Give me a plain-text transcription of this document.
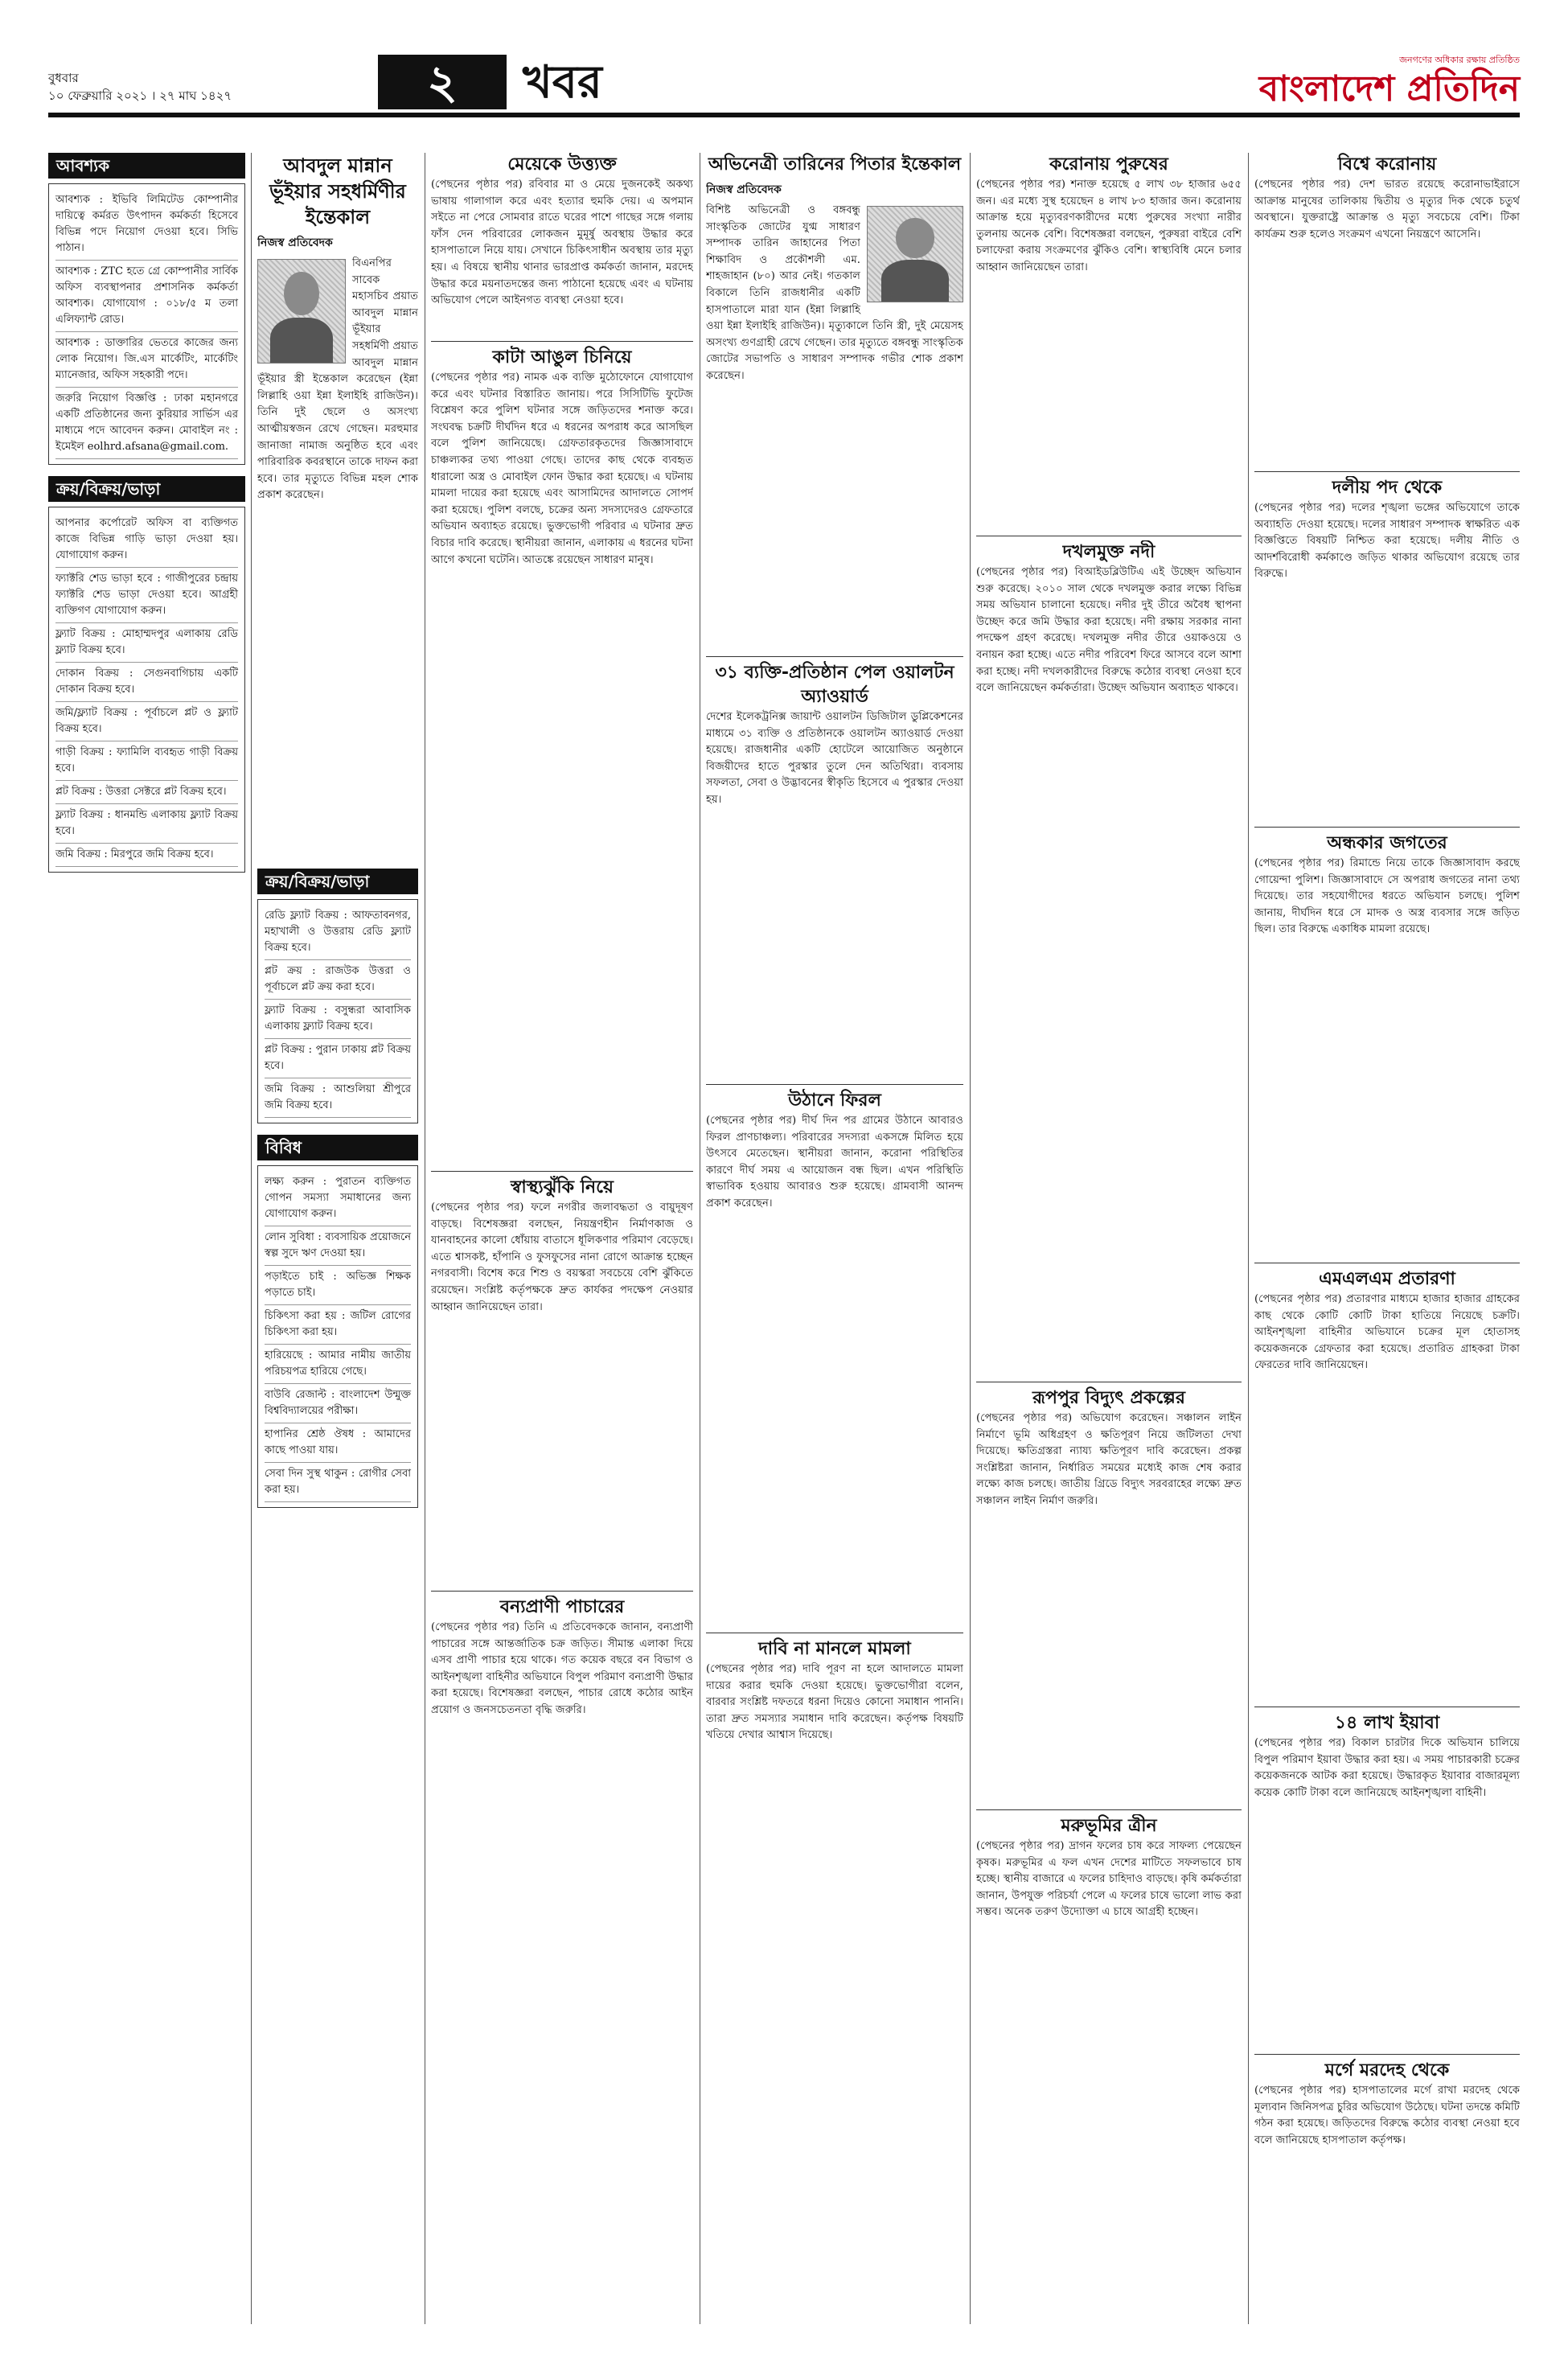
বুধবার
১০ ফেব্রুয়ারি ২০২১ । ২৭ মাঘ ১৪২৭	২	খবর	জনগণের অধিকার রক্ষায় প্রতিষ্ঠিত
বাংলাদেশ প্রতিদিন
আবশ্যক
আবশ্যক : ইভিবি লিমিটেড কোম্পানীর দায়িত্বে কর্মরত উৎপাদন কর্মকর্তা হিসেবে বিভিন্ন পদে নিয়োগ দেওয়া হবে। সিভি পাঠান।
আবশ্যক : ZTC হতে গ্রে কোম্পানীর সার্বিক অফিস ব্যবস্থাপনার প্রশাসনিক কর্মকর্তা আবশ্যক। যোগাযোগ : ০১৮/৫ ম তলা এলিফ্যান্ট রোড।
আবশ্যক : ডাক্তারির ভেতরে কাজের জন্য লোক নিয়োগ। জি.এস মার্কেটিং, মার্কেটিং ম্যানেজার, অফিস সহকারী পদে।
জরুরি নিয়োগ বিজ্ঞপ্তি : ঢাকা মহানগরে একটি প্রতিষ্ঠানের জন্য কুরিয়ার সার্ভিস এর মাধ্যমে পদে আবেদন করুন। মোবাইল নং : ইমেইল eolhrd.afsana@gmail.com.
ক্রয়/বিক্রয়/ভাড়া
আপনার কর্পোরেট অফিস বা ব্যক্তিগত কাজে বিভিন্ন গাড়ি ভাড়া দেওয়া হয়। যোগাযোগ করুন।
ফ্যাক্টরি শেড ভাড়া হবে : গাজীপুরের চন্দ্রায় ফ্যাক্টরি শেড ভাড়া দেওয়া হবে। আগ্রহী ব্যক্তিগণ যোগাযোগ করুন।
ফ্ল্যাট বিক্রয় : মোহাম্মদপুর এলাকায় রেডি ফ্ল্যাট বিক্রয় হবে।
দোকান বিক্রয় : সেগুনবাগিচায় একটি দোকান বিক্রয় হবে।
জমি/ফ্ল্যাট বিক্রয় : পূর্বাচলে প্লট ও ফ্ল্যাট বিক্রয় হবে।
গাড়ী বিক্রয় : ফ্যামিলি ব্যবহৃত গাড়ী বিক্রয় হবে।
প্লট বিক্রয় : উত্তরা সেক্টরে প্লট বিক্রয় হবে।
ফ্ল্যাট বিক্রয় : ধানমন্ডি এলাকায় ফ্ল্যাট বিক্রয় হবে।
জমি বিক্রয় : মিরপুরে জমি বিক্রয় হবে।
আবদুল মান্নান ভূঁইয়ার সহধর্মিণীর ইন্তেকাল
নিজস্ব প্রতিবেদক
বিএনপির সাবেক মহাসচিব প্রয়াত আবদুল মান্নান ভূঁইয়ার সহধর্মিণী প্রয়াত আবদুল মান্নান ভূঁইয়ার স্ত্রী ইন্তেকাল করেছেন (ইন্না লিল্লাহি ওয়া ইন্না ইলাইহি রাজিউন)। তিনি দুই ছেলে ও অসংখ্য আত্মীয়স্বজন রেখে গেছেন। মরহুমার জানাজা নামাজ অনুষ্ঠিত হবে এবং পারিবারিক কবরস্থানে তাকে দাফন করা হবে। তার মৃত্যুতে বিভিন্ন মহল শোক প্রকাশ করেছেন।
ক্রয়/বিক্রয়/ভাড়া
রেডি ফ্ল্যাট বিক্রয় : আফতাবনগর, মহাখালী ও উত্তরায় রেডি ফ্ল্যাট বিক্রয় হবে।
প্লট ক্রয় : রাজউক উত্তরা ও পূর্বাচলে প্লট ক্রয় করা হবে।
ফ্ল্যাট বিক্রয় : বসুন্ধরা আবাসিক এলাকায় ফ্ল্যাট বিক্রয় হবে।
প্লট বিক্রয় : পুরান ঢাকায় প্লট বিক্রয় হবে।
জমি বিক্রয় : আশুলিয়া শ্রীপুরে জমি বিক্রয় হবে।
বিবিধ
লক্ষ্য করুন : পুরাতন ব্যক্তিগত গোপন সমস্যা সমাধানের জন্য যোগাযোগ করুন।
লোন সুবিধা : ব্যবসায়িক প্রয়োজনে স্বল্প সুদে ঋণ দেওয়া হয়।
পড়াইতে চাই : অভিজ্ঞ শিক্ষক পড়াতে চাই।
চিকিৎসা করা হয় : জটিল রোগের চিকিৎসা করা হয়।
হারিয়েছে : আমার নামীয় জাতীয় পরিচয়পত্র হারিয়ে গেছে।
বাউবি রেজাল্ট : বাংলাদেশ উন্মুক্ত বিশ্ববিদ্যালয়ের পরীক্ষা।
হাপানির শ্রেষ্ঠ ঔষধ : আমাদের কাছে পাওয়া যায়।
সেবা দিন সুস্থ থাকুন : রোগীর সেবা করা হয়।
মেয়েকে উত্ত্যক্ত
(পেছনের পৃষ্ঠার পর) রবিবার মা ও মেয়ে দুজনকেই অকথ্য ভাষায় গালাগাল করে এবং হত্যার হুমকি দেয়। এ অপমান সইতে না পেরে সোমবার রাতে ঘরের পাশে গাছের সঙ্গে গলায় ফাঁস দেন পরিবারের লোকজন মুমূর্ষু অবস্থায় উদ্ধার করে হাসপাতালে নিয়ে যায়। সেখানে চিকিৎসাধীন অবস্থায় তার মৃত্যু হয়। এ বিষয়ে স্থানীয় থানার ভারপ্রাপ্ত কর্মকর্তা জানান, মরদেহ উদ্ধার করে ময়নাতদন্তের জন্য পাঠানো হয়েছে এবং এ ঘটনায় অভিযোগ পেলে আইনগত ব্যবস্থা নেওয়া হবে।
কাটা আঙুল চিনিয়ে
(পেছনের পৃষ্ঠার পর) নামক এক ব্যক্তি মুঠোফোনে যোগাযোগ করে এবং ঘটনার বিস্তারিত জানায়। পরে সিসিটিভি ফুটেজ বিশ্লেষণ করে পুলিশ ঘটনার সঙ্গে জড়িতদের শনাক্ত করে। সংঘবদ্ধ চক্রটি দীর্ঘদিন ধরে এ ধরনের অপরাধ করে আসছিল বলে পুলিশ জানিয়েছে। গ্রেফতারকৃতদের জিজ্ঞাসাবাদে চাঞ্চল্যকর তথ্য পাওয়া গেছে। তাদের কাছ থেকে ব্যবহৃত ধারালো অস্ত্র ও মোবাইল ফোন উদ্ধার করা হয়েছে। এ ঘটনায় মামলা দায়ের করা হয়েছে এবং আসামিদের আদালতে সোপর্দ করা হয়েছে। পুলিশ বলছে, চক্রের অন্য সদস্যদেরও গ্রেফতারে অভিযান অব্যাহত রয়েছে। ভুক্তভোগী পরিবার এ ঘটনার দ্রুত বিচার দাবি করেছে। স্থানীয়রা জানান, এলাকায় এ ধরনের ঘটনা আগে কখনো ঘটেনি। আতঙ্কে রয়েছেন সাধারণ মানুষ।
স্বাস্থ্যঝুঁকি নিয়ে
(পেছনের পৃষ্ঠার পর) ফলে নগরীর জলাবদ্ধতা ও বায়ুদূষণ বাড়ছে। বিশেষজ্ঞরা বলছেন, নিয়ন্ত্রণহীন নির্মাণকাজ ও যানবাহনের কালো ধোঁয়ায় বাতাসে ধূলিকণার পরিমাণ বেড়েছে। এতে শ্বাসকষ্ট, হাঁপানি ও ফুসফুসের নানা রোগে আক্রান্ত হচ্ছেন নগরবাসী। বিশেষ করে শিশু ও বয়স্করা সবচেয়ে বেশি ঝুঁকিতে রয়েছেন। সংশ্লিষ্ট কর্তৃপক্ষকে দ্রুত কার্যকর পদক্ষেপ নেওয়ার আহ্বান জানিয়েছেন তারা।
বন্যপ্রাণী পাচারের
(পেছনের পৃষ্ঠার পর) তিনি এ প্রতিবেদককে জানান, বন্যপ্রাণী পাচারের সঙ্গে আন্তর্জাতিক চক্র জড়িত। সীমান্ত এলাকা দিয়ে এসব প্রাণী পাচার হয়ে থাকে। গত কয়েক বছরে বন বিভাগ ও আইনশৃঙ্খলা বাহিনীর অভিযানে বিপুল পরিমাণ বন্যপ্রাণী উদ্ধার করা হয়েছে। বিশেষজ্ঞরা বলছেন, পাচার রোধে কঠোর আইন প্রয়োগ ও জনসচেতনতা বৃদ্ধি জরুরি।
অভিনেত্রী তারিনের পিতার ইন্তেকাল
নিজস্ব প্রতিবেদক
বিশিষ্ট অভিনেত্রী ও বঙ্গবন্ধু সাংস্কৃতিক জোটের যুগ্ম সাধারণ সম্পাদক তারিন জাহানের পিতা শিক্ষাবিদ ও প্রকৌশলী এম. শাহজাহান (৮০) আর নেই। গতকাল বিকালে তিনি রাজধানীর একটি হাসপাতালে মারা যান (ইন্না লিল্লাহি ওয়া ইন্না ইলাইহি রাজিউন)। মৃত্যুকালে তিনি স্ত্রী, দুই মেয়েসহ অসংখ্য গুণগ্রাহী রেখে গেছেন। তার মৃত্যুতে বঙ্গবন্ধু সাংস্কৃতিক জোটের সভাপতি ও সাধারণ সম্পাদক গভীর শোক প্রকাশ করেছেন।
৩১ ব্যক্তি-প্রতিষ্ঠান পেল ওয়ালটন অ্যাওয়ার্ড
দেশের ইলেকট্রনিক্স জায়ান্ট ওয়ালটন ডিজিটাল ডুপ্লিকেশনের মাধ্যমে ৩১ ব্যক্তি ও প্রতিষ্ঠানকে ওয়ালটন অ্যাওয়ার্ড দেওয়া হয়েছে। রাজধানীর একটি হোটেলে আয়োজিত অনুষ্ঠানে বিজয়ীদের হাতে পুরস্কার তুলে দেন অতিথিরা। ব্যবসায় সফলতা, সেবা ও উদ্ভাবনের স্বীকৃতি হিসেবে এ পুরস্কার দেওয়া হয়।
উঠানে ফিরল
(পেছনের পৃষ্ঠার পর) দীর্ঘ দিন পর গ্রামের উঠানে আবারও ফিরল প্রাণচাঞ্চল্য। পরিবারের সদস্যরা একসঙ্গে মিলিত হয়ে উৎসবে মেতেছেন। স্থানীয়রা জানান, করোনা পরিস্থিতির কারণে দীর্ঘ সময় এ আয়োজন বন্ধ ছিল। এখন পরিস্থিতি স্বাভাবিক হওয়ায় আবারও শুরু হয়েছে। গ্রামবাসী আনন্দ প্রকাশ করেছেন।
দাবি না মানলে মামলা
(পেছনের পৃষ্ঠার পর) দাবি পূরণ না হলে আদালতে মামলা দায়ের করার হুমকি দেওয়া হয়েছে। ভুক্তভোগীরা বলেন, বারবার সংশ্লিষ্ট দফতরে ধরনা দিয়েও কোনো সমাধান পাননি। তারা দ্রুত সমস্যার সমাধান দাবি করেছেন। কর্তৃপক্ষ বিষয়টি খতিয়ে দেখার আশ্বাস দিয়েছে।
করোনায় পুরুষের
(পেছনের পৃষ্ঠার পর) শনাক্ত হয়েছে ৫ লাখ ৩৮ হাজার ৬৫৫ জন। এর মধ্যে সুস্থ হয়েছেন ৪ লাখ ৮৩ হাজার জন। করোনায় আক্রান্ত হয়ে মৃত্যুবরণকারীদের মধ্যে পুরুষের সংখ্যা নারীর তুলনায় অনেক বেশি। বিশেষজ্ঞরা বলছেন, পুরুষরা বাইরে বেশি চলাফেরা করায় সংক্রমণের ঝুঁকিও বেশি। স্বাস্থ্যবিধি মেনে চলার আহ্বান জানিয়েছেন তারা।
দখলমুক্ত নদী
(পেছনের পৃষ্ঠার পর) বিআইডব্লিউটিএ এই উচ্ছেদ অভিযান শুরু করেছে। ২০১০ সাল থেকে দখলমুক্ত করার লক্ষ্যে বিভিন্ন সময় অভিযান চালানো হয়েছে। নদীর দুই তীরে অবৈধ স্থাপনা উচ্ছেদ করে জমি উদ্ধার করা হয়েছে। নদী রক্ষায় সরকার নানা পদক্ষেপ গ্রহণ করেছে। দখলমুক্ত নদীর তীরে ওয়াকওয়ে ও বনায়ন করা হচ্ছে। এতে নদীর পরিবেশ ফিরে আসবে বলে আশা করা হচ্ছে। নদী দখলকারীদের বিরুদ্ধে কঠোর ব্যবস্থা নেওয়া হবে বলে জানিয়েছেন কর্মকর্তারা। উচ্ছেদ অভিযান অব্যাহত থাকবে।
রূপপুর বিদ্যুৎ প্রকল্পের
(পেছনের পৃষ্ঠার পর) অভিযোগ করেছেন। সঞ্চালন লাইন নির্মাণে ভূমি অধিগ্রহণ ও ক্ষতিপূরণ নিয়ে জটিলতা দেখা দিয়েছে। ক্ষতিগ্রস্তরা ন্যায্য ক্ষতিপূরণ দাবি করেছেন। প্রকল্প সংশ্লিষ্টরা জানান, নির্ধারিত সময়ের মধ্যেই কাজ শেষ করার লক্ষ্যে কাজ চলছে। জাতীয় গ্রিডে বিদ্যুৎ সরবরাহের লক্ষ্যে দ্রুত সঞ্চালন লাইন নির্মাণ জরুরি।
মরুভূমির ত্রীন
(পেছনের পৃষ্ঠার পর) দ্রাগন ফলের চাষ করে সাফল্য পেয়েছেন কৃষক। মরুভূমির এ ফল এখন দেশের মাটিতে সফলভাবে চাষ হচ্ছে। স্থানীয় বাজারে এ ফলের চাহিদাও বাড়ছে। কৃষি কর্মকর্তারা জানান, উপযুক্ত পরিচর্যা পেলে এ ফলের চাষে ভালো লাভ করা সম্ভব। অনেক তরুণ উদ্যোক্তা এ চাষে আগ্রহী হচ্ছেন।
বিশ্বে করোনায়
(পেছনের পৃষ্ঠার পর) দেশ ভারত রয়েছে করোনাভাইরাসে আক্রান্ত মানুষের তালিকায় দ্বিতীয় ও মৃত্যুর দিক থেকে চতুর্থ অবস্থানে। যুক্তরাষ্ট্রে আক্রান্ত ও মৃত্যু সবচেয়ে বেশি। টিকা কার্যক্রম শুরু হলেও সংক্রমণ এখনো নিয়ন্ত্রণে আসেনি।
দলীয় পদ থেকে
(পেছনের পৃষ্ঠার পর) দলের শৃঙ্খলা ভঙ্গের অভিযোগে তাকে অব্যাহতি দেওয়া হয়েছে। দলের সাধারণ সম্পাদক স্বাক্ষরিত এক বিজ্ঞপ্তিতে বিষয়টি নিশ্চিত করা হয়েছে। দলীয় নীতি ও আদর্শবিরোধী কর্মকাণ্ডে জড়িত থাকার অভিযোগ রয়েছে তার বিরুদ্ধে।
অন্ধকার জগতের
(পেছনের পৃষ্ঠার পর) রিমান্ডে নিয়ে তাকে জিজ্ঞাসাবাদ করছে গোয়েন্দা পুলিশ। জিজ্ঞাসাবাদে সে অপরাধ জগতের নানা তথ্য দিয়েছে। তার সহযোগীদের ধরতে অভিযান চলছে। পুলিশ জানায়, দীর্ঘদিন ধরে সে মাদক ও অস্ত্র ব্যবসার সঙ্গে জড়িত ছিল। তার বিরুদ্ধে একাধিক মামলা রয়েছে।
এমএলএম প্রতারণা
(পেছনের পৃষ্ঠার পর) প্রতারণার মাধ্যমে হাজার হাজার গ্রাহকের কাছ থেকে কোটি কোটি টাকা হাতিয়ে নিয়েছে চক্রটি। আইনশৃঙ্খলা বাহিনীর অভিযানে চক্রের মূল হোতাসহ কয়েকজনকে গ্রেফতার করা হয়েছে। প্রতারিত গ্রাহকরা টাকা ফেরতের দাবি জানিয়েছেন।
১৪ লাখ ইয়াবা
(পেছনের পৃষ্ঠার পর) বিকাল চারটার দিকে অভিযান চালিয়ে বিপুল পরিমাণ ইয়াবা উদ্ধার করা হয়। এ সময় পাচারকারী চক্রের কয়েকজনকে আটক করা হয়েছে। উদ্ধারকৃত ইয়াবার বাজারমূল্য কয়েক কোটি টাকা বলে জানিয়েছে আইনশৃঙ্খলা বাহিনী।
মর্গে মরদেহ থেকে
(পেছনের পৃষ্ঠার পর) হাসপাতালের মর্গে রাখা মরদেহ থেকে মূল্যবান জিনিসপত্র চুরির অভিযোগ উঠেছে। ঘটনা তদন্তে কমিটি গঠন করা হয়েছে। জড়িতদের বিরুদ্ধে কঠোর ব্যবস্থা নেওয়া হবে বলে জানিয়েছে হাসপাতাল কর্তৃপক্ষ।
